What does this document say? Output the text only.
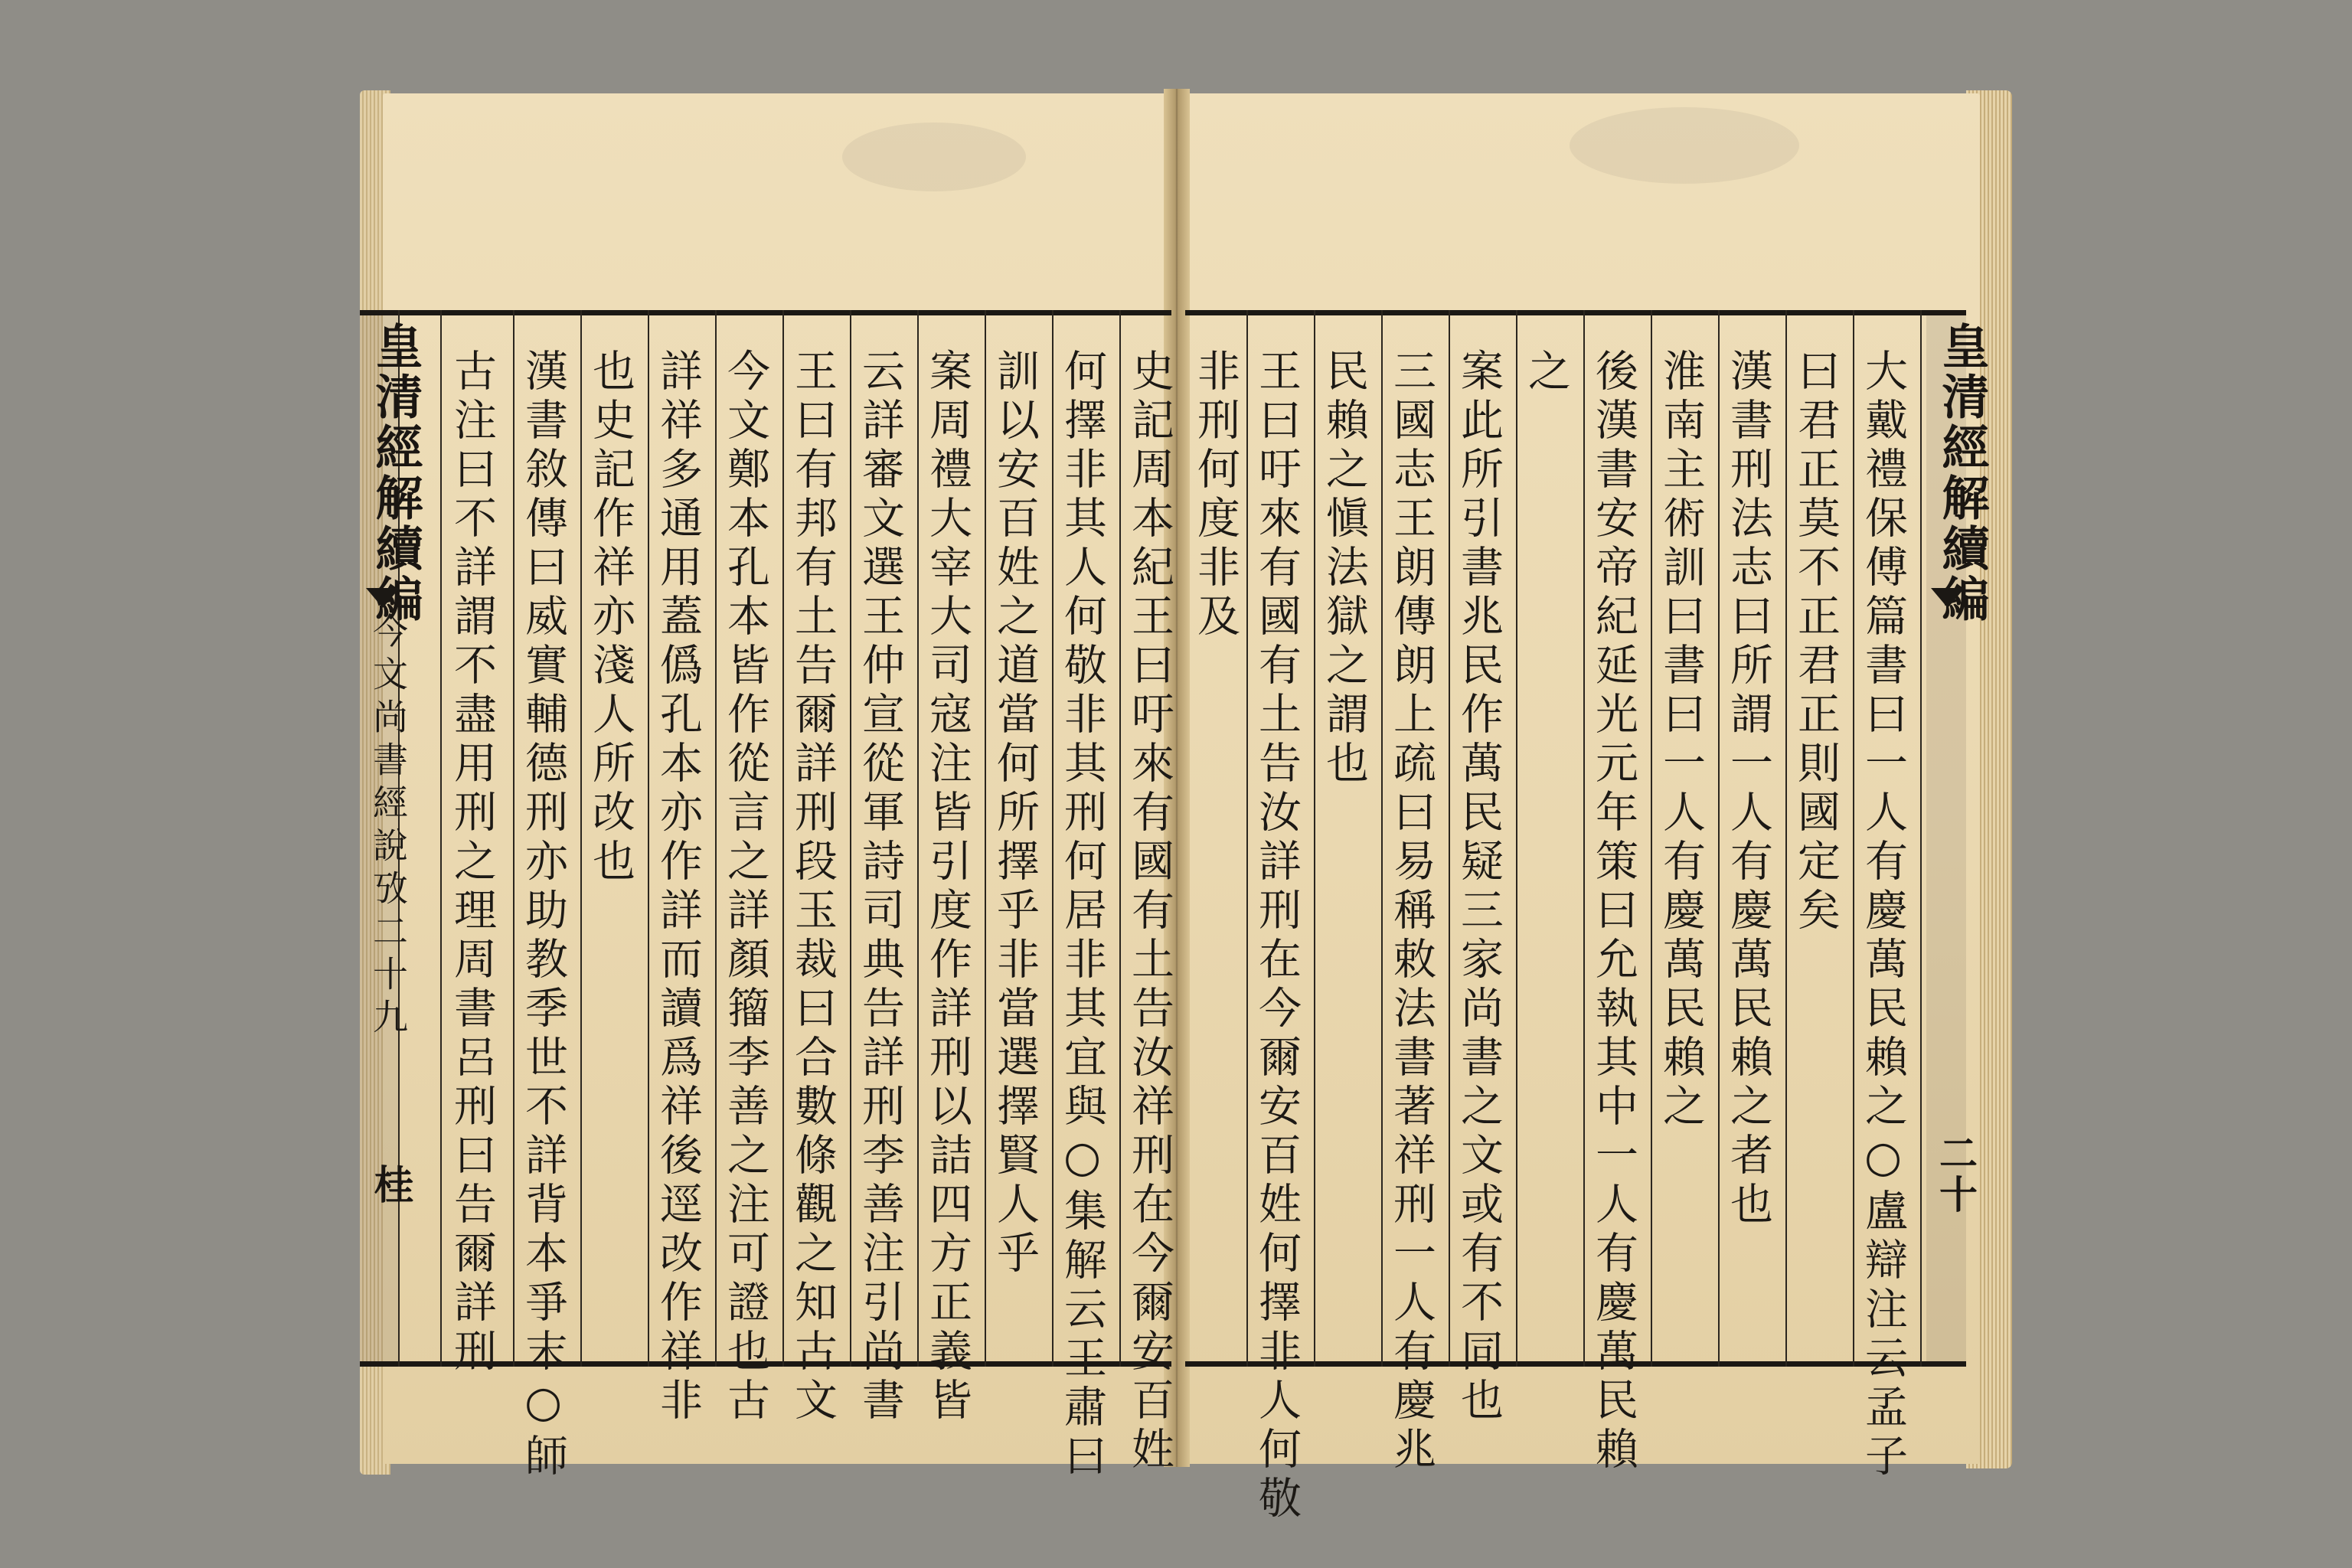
皇清經解續編
今文尚書經說攷二十九
桂	史記周本紀王曰吁來有國有土告汝祥刑在今爾安百姓
何擇非其人何敬非其刑何居非其宜與○集解云王肅曰
訓以安百姓之道當何所擇乎非當選擇賢人乎
案周禮大宰大司寇注皆引度作詳刑以詰四方正義皆
云詳審文選王仲宣從軍詩司典告詳刑李善注引尚書
王曰有邦有土告爾詳刑段玉裁曰合數條觀之知古文
今文鄭本孔本皆作從言之詳顏籀李善之注可證也古
詳祥多通用蓋僞孔本亦作詳而讀爲祥後逕改作祥非
也史記作祥亦淺人所改也
漢書敘傳曰威實輔德刑亦助教季世不詳背本爭末○師
古注曰不詳謂不盡用刑之理周書呂刑曰告爾詳刑	皇清經解續編
二十
大戴禮保傅篇書曰一人有慶萬民賴之○盧辯注云孟子
曰君正莫不正君正則國定矣
漢書刑法志曰所謂一人有慶萬民賴之者也
淮南主術訓曰書曰一人有慶萬民賴之
後漢書安帝紀延光元年策曰允執其中一人有慶萬民賴
之
案此所引書兆民作萬民疑三家尚書之文或有不同也
三國志王朗傳朗上疏曰易稱敕法書著祥刑一人有慶兆
民賴之愼法獄之謂也
王曰吁來有國有土告汝詳刑在今爾安百姓何擇非人何敬
非刑何度非及
